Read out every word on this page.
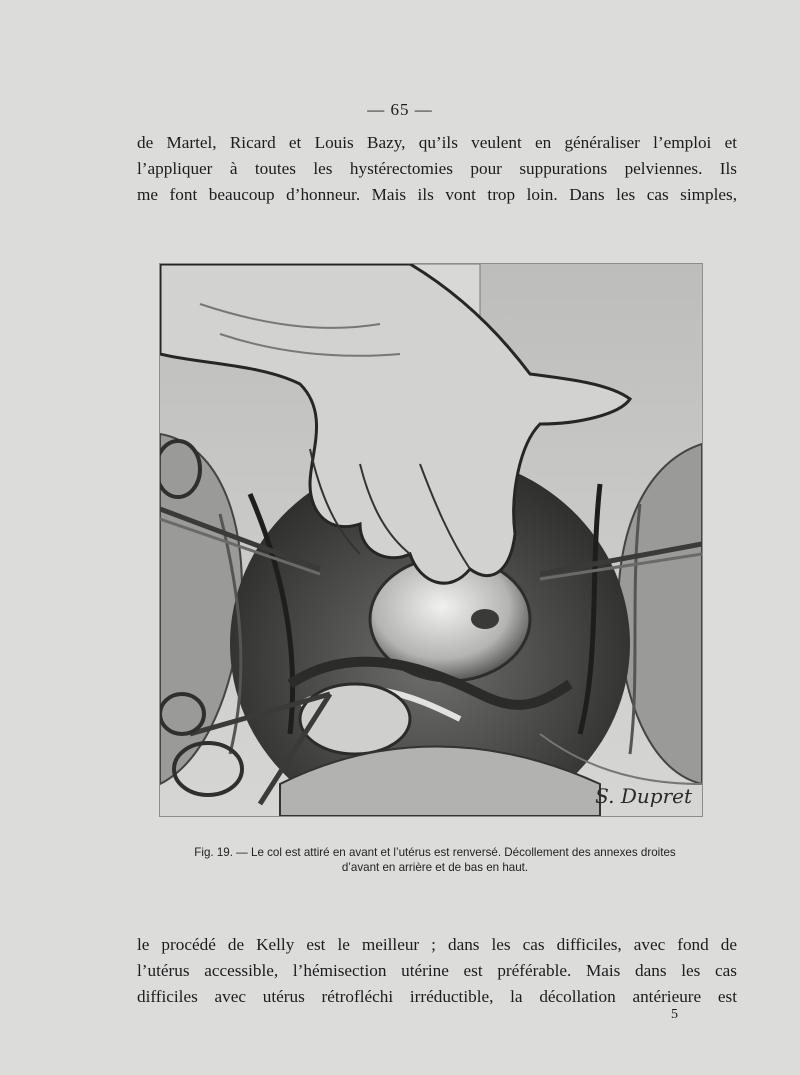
— 65 —

de Martel, Ricard et Louis Bazy, qu’ils veulent en généraliser l’emploi et
l’appliquer à toutes les hystérectomies pour suppurations pelviennes. Ils
me font beaucoup d’honneur. Mais ils vont trop loin. Dans les cas simples,

S. Dupret
Fig. 19. — Le col est attiré en avant et l’utérus est renversé. Décollement des annexes droites
d’avant en arrière et de bas en haut.

le procédé de Kelly est le meilleur ; dans les cas difficiles, avec fond de
l’utérus accessible, l’hémisection utérine est préférable. Mais dans les cas
difficiles avec utérus rétrofléchi irréductible, la décollation antérieure est

5
